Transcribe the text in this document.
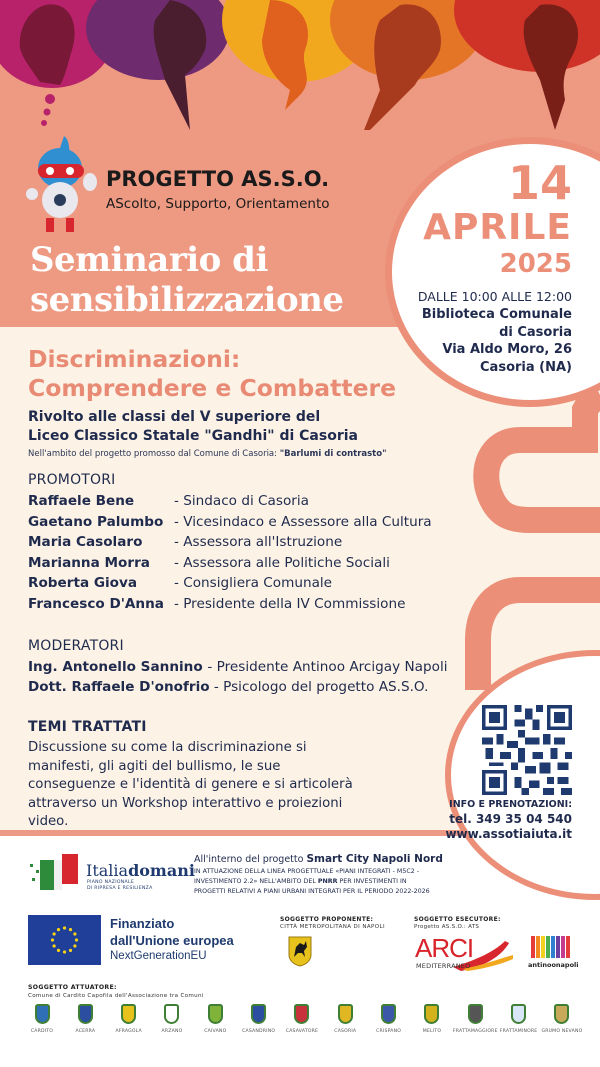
PROGETTO AS.S.O.
AScolto, Supporto, Orientamento
Seminario di
sensibilizzazione
14
APRILE
2025
DALLE 10:00 ALLE 12:00
Biblioteca Comunale
di Casoria
Via Aldo Moro, 26
Casoria (NA)
Discriminazioni:
Comprendere e Combattere
Rivolto alle classi del V superiore del
Liceo Classico Statale "Gandhi" di Casoria
Nell'ambito del progetto promosso dal Comune di Casoria: "Barlumi di contrasto"
PROMOTORI
Raffaele Bene	- Sindaco di Casoria
Gaetano Palumbo - Vicesindaco e Assessore alla Cultura
Maria Casolaro	- Assessora all'Istruzione
Marianna Morra	- Assessora alle Politiche Sociali
Roberta Giova	- Consigliera Comunale
Francesco D'Anna - Presidente della IV Commissione
MODERATORI
Ing. Antonello Sannino - Presidente Antinoo Arcigay Napoli
Dott. Raffaele D'onofrio - Psicologo del progetto AS.S.O.
TEMI TRATTATI
Discussione su come la discriminazione si manifesti, gli agiti del bullismo, le sue conseguenze e l'identità di genere e si articolerà attraverso un Workshop interattivo e proiezioni video.
INFO E PRENOTAZIONI:
tel. 349 35 04 540
www.assotiaiuta.it
Italiadomani
PIANO NAZIONALE
DI RIPRESA E RESILIENZA
All'interno del progetto Smart City Napoli Nord
IN ATTUAZIONE DELLA LINEA PROGETTUALE «PIANI INTEGRATI - M5C2 -
INVESTIMENTO 2.2» NELL'AMBITO DEL PNRR PER INVESTIMENTI IN
PROGETTI RELATIVI A PIANI URBANI INTEGRATI PER IL PERIODO 2022-2026
Finanziato
dall'Unione europea
NextGenerationEU
SOGGETTO PROPONENTE:
CITTÀ METROPOLITANA DI NAPOLI
SOGGETTO ESECUTORE:
Progetto AS.S.O.: ATS
ARCI
MEDITERRANEO	antinoonapoli
SOGGETTO ATTUATORE:
Comune di Cardito Capofila dell'Associazione tra Comuni
CARDITO	ACERRA	AFRAGOLA	ARZANO	CAIVANO	CASANDRINO CASAVATORE	CASORIA	CRISPANO	MELITO	FRATTAMAGGIORE FRATTAMINORE GRUMO NEVANO
